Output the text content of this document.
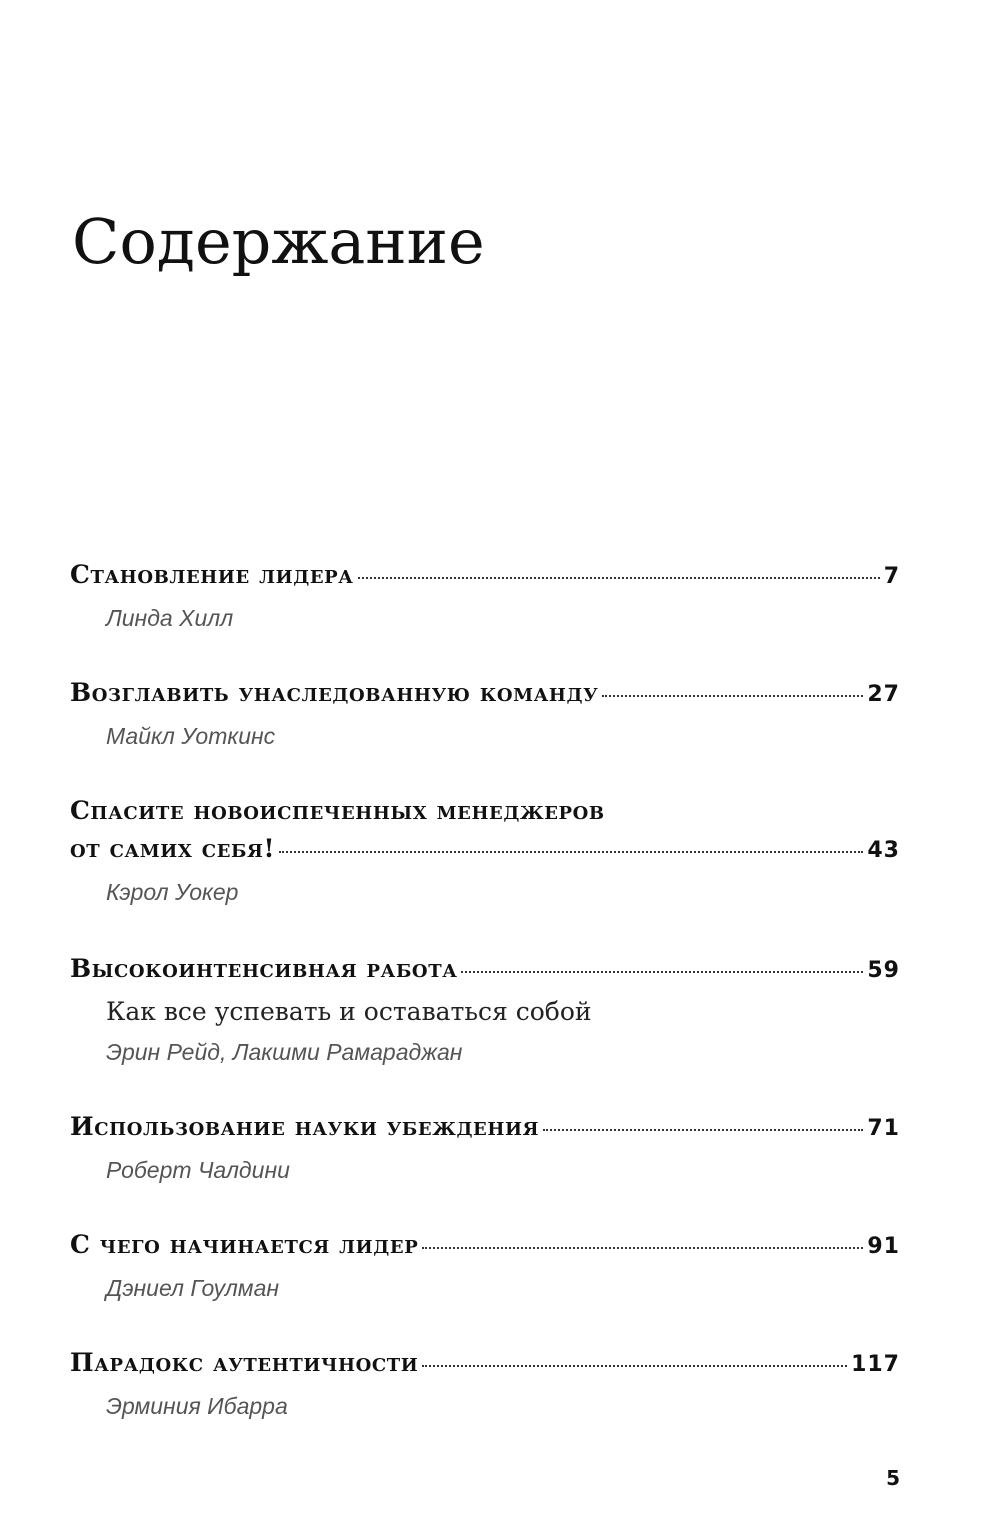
Содержание
Становление лидера	7
Линда Хилл
Возглавить унаследованную команду	27
Майкл Уоткинс
Спасите новоиспеченных менеджеров
от самих себя!	43
Кэрол Уокер
Высокоинтенсивная работа	59
Как все успевать и оставаться собой
Эрин Рейд, Лакшми Рамараджан
Использование науки убеждения	71
Роберт Чалдини
С чего начинается лидер	91
Дэниел Гоулман
Парадокс аутентичности	117
Эрминия Ибарра
5
